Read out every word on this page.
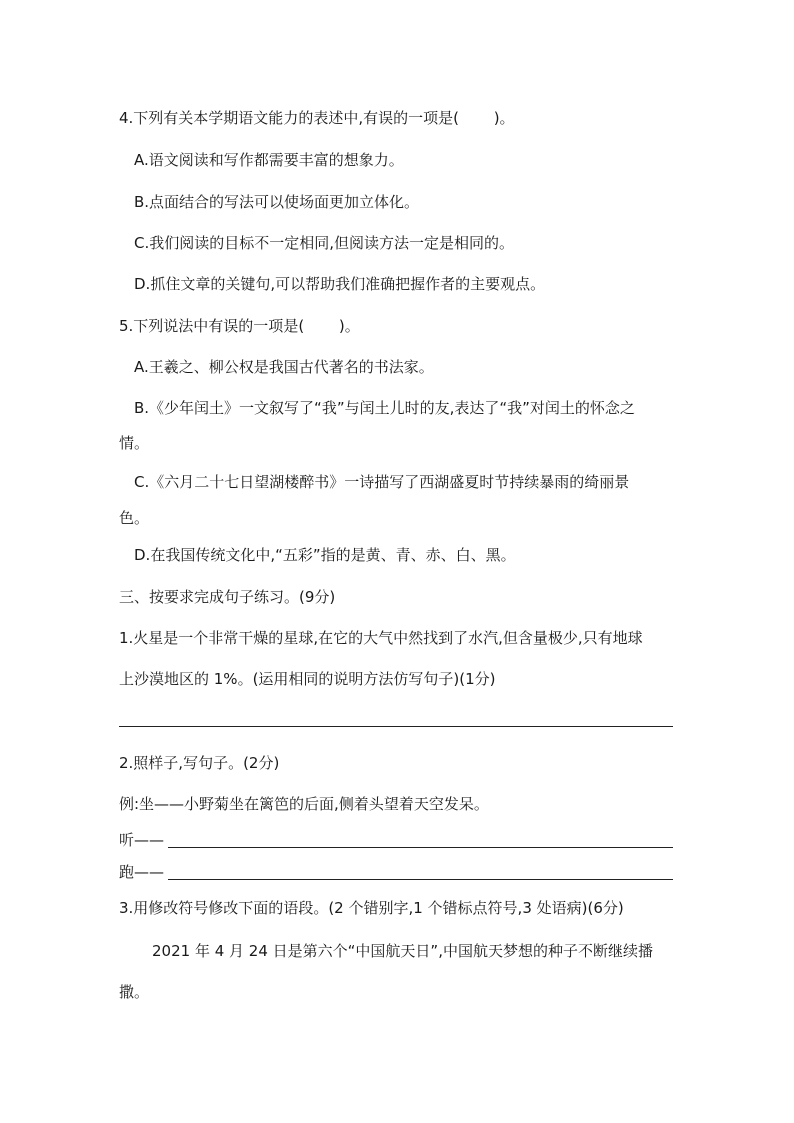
4.下列有关本学期语文能力的表述中,有误的一项是(　　 )。
A.语文阅读和写作都需要丰富的想象力。
B.点面结合的写法可以使场面更加立体化。
C.我们阅读的目标不一定相同,但阅读方法一定是相同的。
D.抓住文章的关键句,可以帮助我们准确把握作者的主要观点。
5.下列说法中有误的一项是(　　 )。
A.王羲之、柳公权是我国古代著名的书法家。
B.《少年闰土》一文叙写了“我”与闰土儿时的友,表达了“我”对闰土的怀念之
情。
C.《六月二十七日望湖楼醉书》一诗描写了西湖盛夏时节持续暴雨的绮丽景
色。
D.在我国传统文化中,“五彩”指的是黄、青、赤、白、黑。
三、按要求完成句子练习。(9分)
1.火星是一个非常干燥的星球,在它的大气中然找到了水汽,但含量极少,只有地球
上沙漠地区的 1%。(运用相同的说明方法仿写句子)(1分)
2.照样子,写句子。(2分)
例:坐——小野菊坐在篱笆的后面,侧着头望着天空发呆。
听——
跑——
3.用修改符号修改下面的语段。(2 个错别字,1 个错标点符号,3 处语病)(6分)
2021 年 4 月 24 日是第六个“中国航天日”,中国航天梦想的种子不断继续播
撒。
